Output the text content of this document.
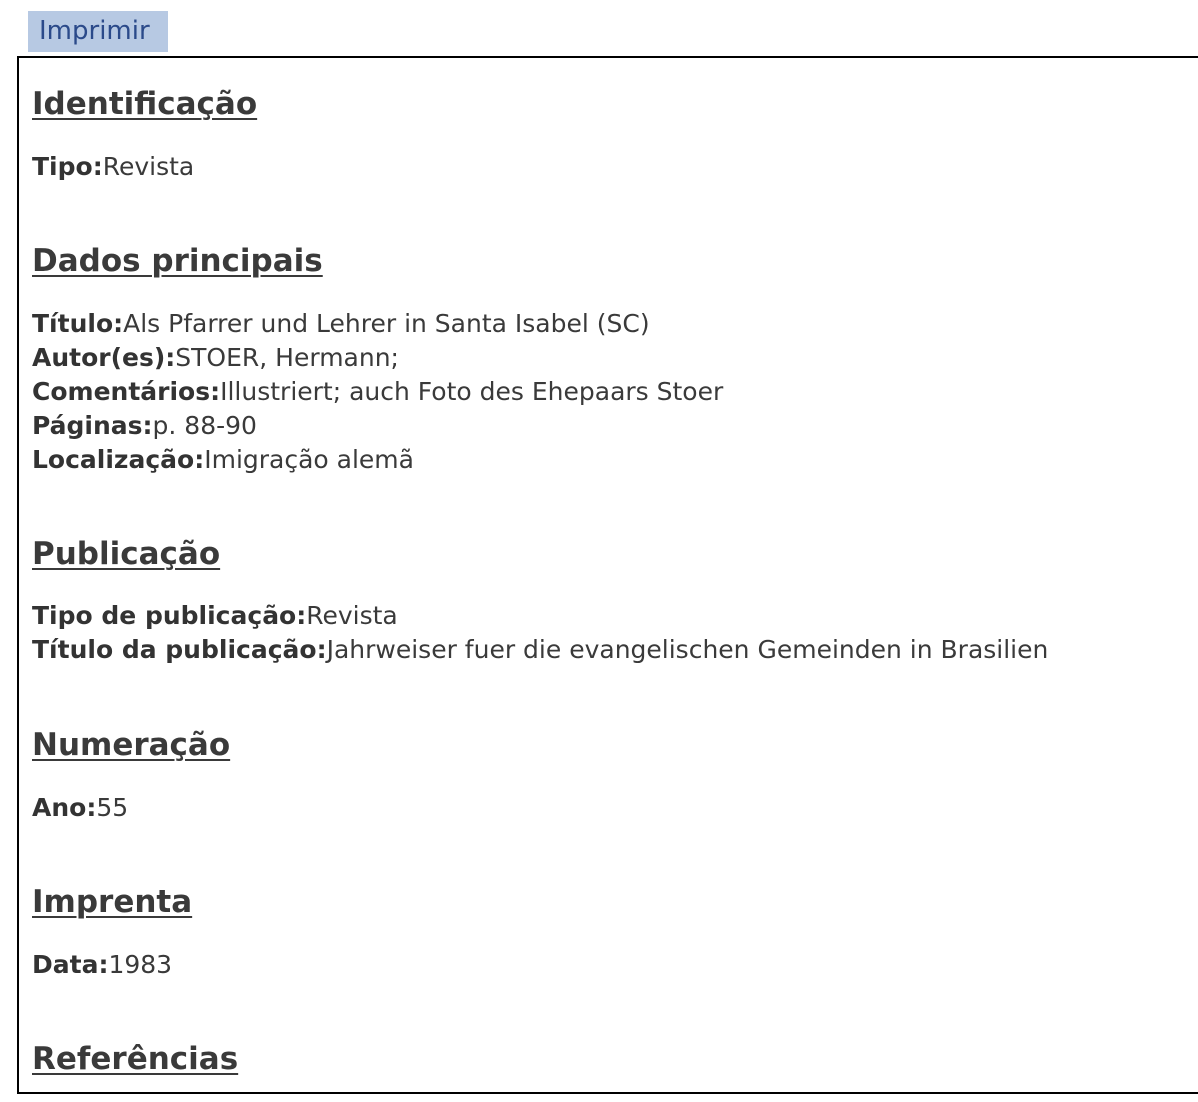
Imprimir
Identificação
Tipo:Revista
Dados principais
Título:Als Pfarrer und Lehrer in Santa Isabel (SC)
Autor(es):STOER, Hermann;
Comentários:Illustriert; auch Foto des Ehepaars Stoer
Páginas:p. 88-90
Localização:Imigração alemã
Publicação
Tipo de publicação:Revista
Título da publicação:Jahrweiser fuer die evangelischen Gemeinden in Brasilien
Numeração
Ano:55
Imprenta
Data:1983
Referências
